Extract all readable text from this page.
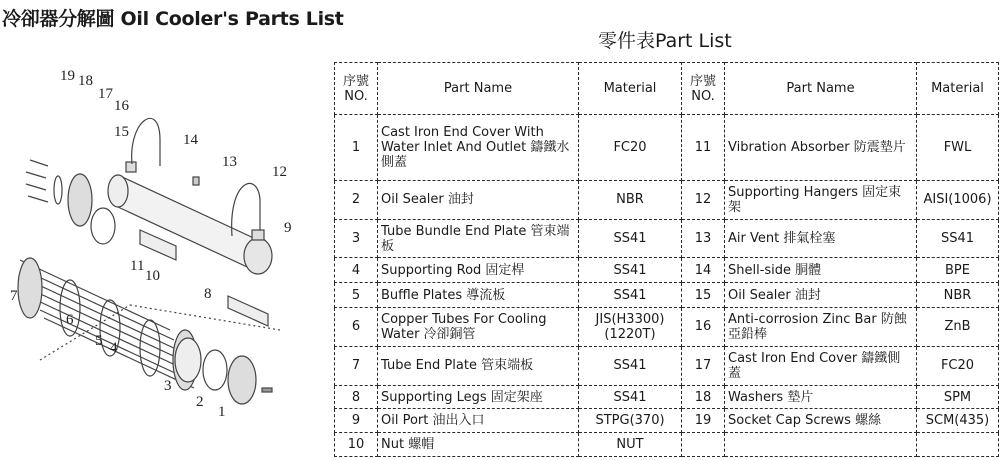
冷卻器分解圖 Oil Cooler's Parts List
零件表Part List
19 18
17
16
15	14
13
12
9
11
10
8
7
6
5 4
3
2
1
序號 NO.	Part Name	Material	序號 NO.	Part Name	Material
1	Cast Iron End Cover With Water Inlet And Outlet 鑄鐵水側蓋	FC20	11	Vibration Absorber 防震墊片	FWL
2	Oil Sealer 油封	NBR	12	Supporting Hangers 固定束架	AISI(1006)
3	Tube Bundle End Plate 管束端板	SS41	13	Air Vent 排氣栓塞	SS41
4	Supporting Rod 固定桿	SS41	14	Shell-side 胴體	BPE
5	Buffle Plates 導流板	SS41	15	Oil Sealer 油封	NBR
6	Copper Tubes For Cooling Water 冷卻銅管	JIS(H3300) (1220T)	16	Anti-corrosion Zinc Bar 防蝕亞鉛棒	ZnB
7	Tube End Plate 管束端板	SS41	17	Cast Iron End Cover 鑄鐵側蓋	FC20
8	Supporting Legs 固定架座	SS41	18	Washers 墊片	SPM
9	Oil Port 油出入口	STPG(370)	19	Socket Cap Screws 螺絲	SCM(435)
10	Nut 螺帽	NUT			
